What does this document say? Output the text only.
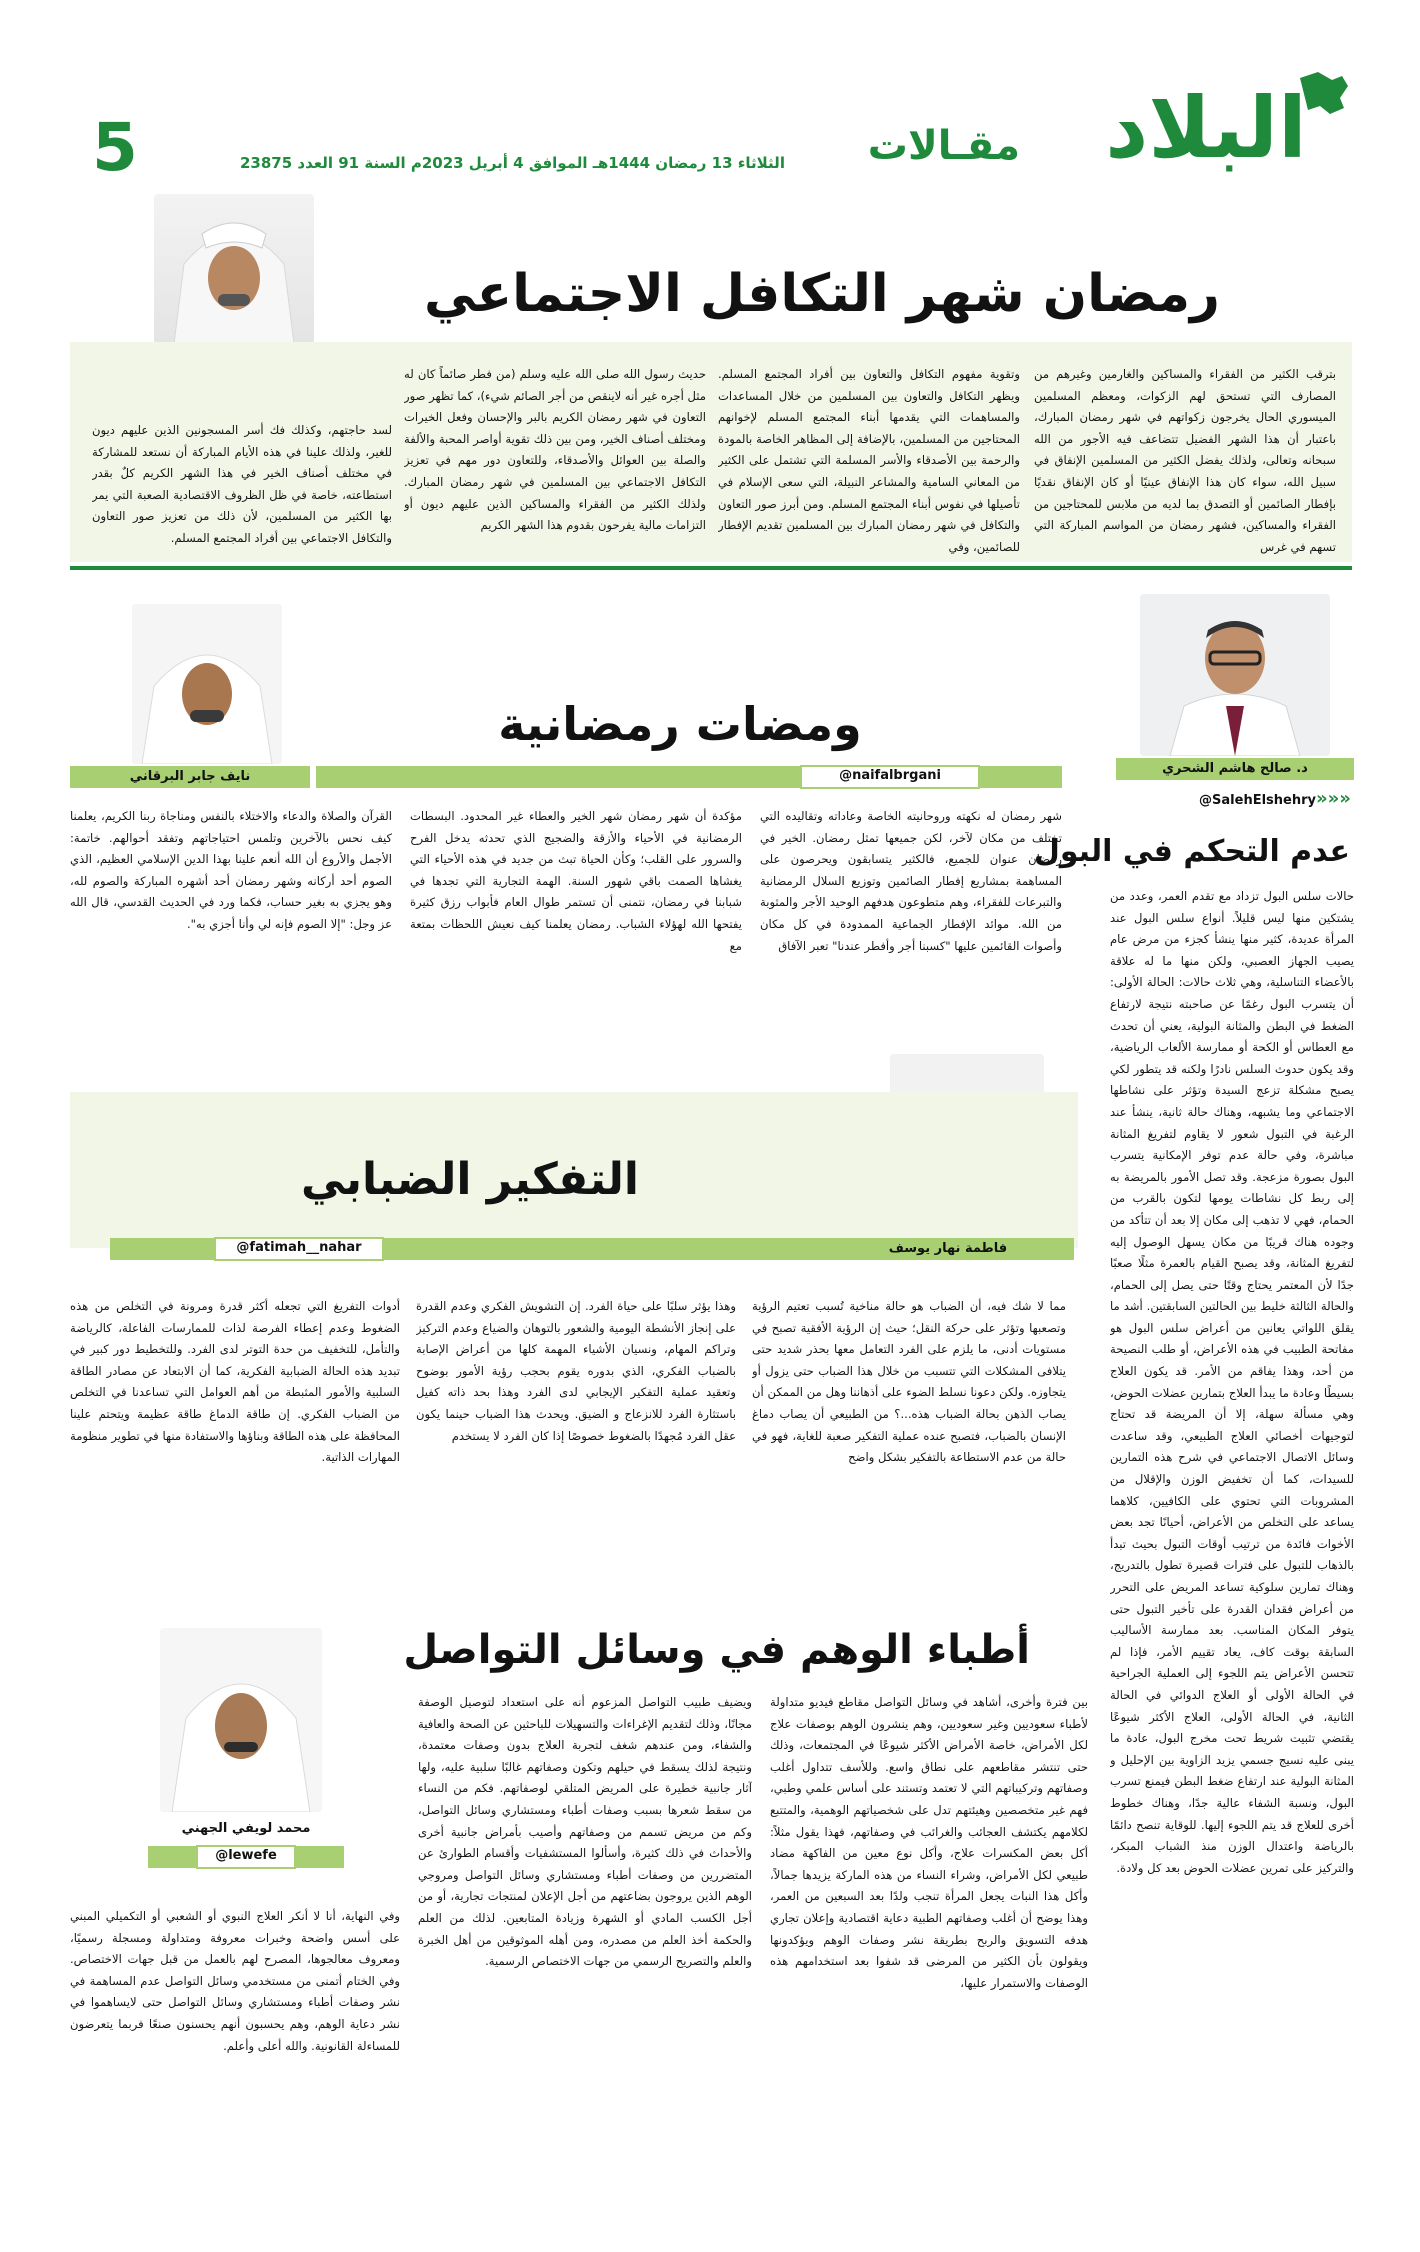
البلاد
مقـالات
الثلاثاء 13 رمضان 1444هـ الموافق 4 أبريل 2023م السنة 91 العدد 23875
5
رمضان شهر التكافل الاجتماعي

بترقب الكثير من الفقراء والمساكين والغارمين وغيرهم من المصارف التي تستحق لهم الزكوات، ومعظم المسلمين الميسوري الحال يخرجون زكواتهم في شهر رمضان المبارك، باعتبار أن هذا الشهر الفضيل تتضاعف فيه الأجور من الله سبحانه وتعالى، ولذلك يفضل الكثير من المسلمين الإنفاق في سبيل الله، سواء كان هذا الإنفاق عينيًا أو كان الإنفاق نقديًا بإفطار الصائمين أو التصدق بما لديه من ملابس للمحتاجين من الفقراء والمساكين، فشهر رمضان من المواسم المباركة التي تسهم في غرس

وتقوية مفهوم التكافل والتعاون بين أفراد المجتمع المسلم. ويظهر التكافل والتعاون بين المسلمين من خلال المساعدات والمساهمات التي يقدمها أبناء المجتمع المسلم لإخوانهم المحتاجين من المسلمين، بالإضافة إلى المظاهر الخاصة بالمودة والرحمة بين الأصدقاء والأسر المسلمة التي تشتمل على الكثير من المعاني السامية والمشاعر النبيلة، التي سعى الإسلام في تأصيلها في نفوس أبناء المجتمع المسلم. ومن أبرز صور التعاون والتكافل في شهر رمضان المبارك بين المسلمين تقديم الإفطار للصائمين، وفي

حديث رسول الله صلى الله عليه وسلم (من فطر صائماً كان له مثل أجره غير أنه لاينقص من أجر الصائم شيء)، كما تظهر صور التعاون في شهر رمضان الكريم بالبر والإحسان وفعل الخيرات ومختلف أصناف الخير، ومن بين ذلك تقوية أواصر المحبة والألفة والصلة بين العوائل والأصدقاء، وللتعاون دور مهم في تعزيز التكافل الاجتماعي بين المسلمين في شهر رمضان المبارك. ولذلك الكثير من الفقراء والمساكين الذين عليهم ديون أو التزامات مالية يفرحون بقدوم هذا الشهر الكريم

لسد حاجتهم، وكذلك فك أسر المسجونين الذين عليهم ديون للغير، ولذلك علينا في هذه الأيام المباركة أن نستعد للمشاركة في مختلف أصناف الخير في هذا الشهر الكريم كلٌ بقدر استطاعته، خاصة في ظل الظروف الاقتصادية الصعبة التي يمر بها الكثير من المسلمين، لأن ذلك من تعزيز صور التعاون والتكافل الاجتماعي بين أفراد المجتمع المسلم.

د. صالح هاشم الشحري
@SalehElshehry «««
عدم التحكم في البول

حالات سلس البول تزداد مع تقدم العمر، وعدد من يشتكين منها ليس قليلاً. أنواع سلس البول عند المرأة عديدة، كثير منها ينشأ كجزء من مرض عام يصيب الجهاز العصبي، ولكن منها ما له علاقة بالأعضاء التناسلية، وهي ثلاث حالات: الحالة الأولى: أن يتسرب البول رغمًا عن صاحبته نتيجة لارتفاع الضغط في البطن والمثانة البولية، يعني أن تحدث مع العطاس أو الكحة أو ممارسة الألعاب الرياضية، وقد يكون حدوث السلس نادرًا ولكنه قد يتطور لكي يصبح مشكلة تزعج السيدة وتؤثر على نشاطها الاجتماعي وما يشبهه، وهناك حالة ثانية، ينشأ عند الرغبة في التبول شعور لا يقاوم لتفريغ المثانة مباشرة، وفي حالة عدم توفر الإمكانية يتسرب البول بصورة مزعجة. وقد تصل الأمور بالمريضة به إلى ربط كل نشاطات يومها لتكون بالقرب من الحمام، فهي لا تذهب إلى مكان إلا بعد أن تتأكد من وجوده هناك قريبًا من مكان يسهل الوصول إليه لتفريغ المثانة، وقد يصبح القيام بالعمرة مثلًا صعبًا جدًا لأن المعتمر يحتاج وقتًا حتى يصل إلى الحمام، والحالة الثالثة خليط بين الحالتين السابقتين. أشد ما يقلق اللواتي يعانين من أعراض سلس البول هو مفاتحة الطبيب في هذه الأعراض، أو طلب النصيحة من أحد، وهذا يفاقم من الأمر. قد يكون العلاج بسيطًا وعادة ما يبدأ العلاج بتمارين عضلات الحوض، وهي مسألة سهلة، إلا أن المريضة قد تحتاج لتوجيهات أخصائي العلاج الطبيعي، وقد ساعدت وسائل الاتصال الاجتماعي في شرح هذه التمارين للسيدات، كما أن تخفيض الوزن والإقلال من المشروبات التي تحتوي على الكافيين، كلاهما يساعد على التخلص من الأعراض، أحيانًا تجد بعض الأخوات فائدة من ترتيب أوقات التبول بحيث تبدأ بالذهاب للتبول على فترات قصيرة تطول بالتدريج، وهناك تمارين سلوكية تساعد المريض على التحرر من أعراض فقدان القدرة على تأخير التبول حتى يتوفر المكان المناسب. بعد ممارسة الأساليب السابقة بوقت كاف، يعاد تقييم الأمر، فإذا لم تتحسن الأعراض يتم اللجوء إلى العملية الجراحية في الحالة الأولى أو العلاج الدوائي في الحالة الثانية، في الحالة الأولى، العلاج الأكثر شيوعًا يقتضي تثبيت شريط تحت مخرج البول، عادة ما يبنى عليه نسيج جسمي يزيد الزاوية بين الإحليل و المثانة البولية عند ارتفاع ضغط البطن فيمنع تسرب البول، ونسبة الشفاء عالية جدًا، وهناك خطوط أخرى للعلاج قد يتم اللجوء إليها. للوقاية تنصح دائمًا بالرياضة واعتدال الوزن منذ الشباب المبكر، والتركيز على تمرين عضلات الحوض بعد كل ولادة.

نايف جابر البرقاني
ومضات رمضانية
@naifalbrgani

شهر رمضان له نكهته وروحانيته الخاصة وعاداته وتقاليده التي تختلف من مكان لآخر، لكن جميعها تمثل رمضان. الخير في رمضان عنوان للجميع، فالكثير يتسابقون ويحرصون على المساهمة بمشاريع إفطار الصائمين وتوزيع السلال الرمضانية والتبرعات للفقراء، وهم متطوعون هدفهم الوحيد الأجر والمثوبة من الله. موائد الإفطار الجماعية الممدودة في كل مكان وأصوات القائمين عليها "كسبنا أجر وأفطر عندنا" تعبر الآفاق

مؤكدة أن شهر رمضان شهر الخير والعطاء غير المحدود. البسطات الرمضانية في الأحياء والأزقة والضجيج الذي تحدثه يدخل الفرح والسرور على القلب؛ وكأن الحياة تبث من جديد في هذه الأحياء التي يغشاها الصمت باقي شهور السنة. الهمة التجارية التي تجدها في شبابنا في رمضان، نتمنى أن تستمر طوال العام فأبواب رزق كثيرة يفتحها الله لهؤلاء الشباب. رمضان يعلمنا كيف نعيش اللحظات بمتعة مع

القرآن والصلاة والدعاء والاختلاء بالنفس ومناجاة ربنا الكريم، يعلمنا كيف نحس بالآخرين وتلمس احتياجاتهم وتفقد أحوالهم. خاتمة: الأجمل والأروع أن الله أنعم علينا بهذا الدين الإسلامي العظيم، الذي الصوم أحد أركانه وشهر رمضان أحد أشهره المباركة والصوم لله، وهو يجزي به بغير حساب، فكما ورد في الحديث القدسي، قال الله عز وجل: "إلا الصوم فإنه لي وأنا أجزي به".

التفكير الضبابي
فاطمة نهار يوسف
@fatimah__nahar

مما لا شك فيه، أن الضباب هو حالة مناخية تُسبب تعتيم الرؤية وتصعبها وتؤثر على حركة النقل؛ حيث إن الرؤية الأفقية تصبح في مستويات أدنى، ما يلزم على الفرد التعامل معها بحذر شديد حتى يتلافى المشكلات التي تتسبب من خلال هذا الضباب حتى يزول أو يتجاوزه. ولكن دعونا نسلط الضوء على أذهاننا وهل من الممكن أن يصاب الذهن بحالة الضباب هذه...؟ من الطبيعي أن يصاب دماغ الإنسان بالضباب، فتصبح عنده عملية التفكير صعبة للغاية، فهو في حالة من عدم الاستطاعة بالتفكير بشكل واضح

وهذا يؤثر سلبًا على حياة الفرد. إن التشويش الفكري وعدم القدرة على إنجاز الأنشطة اليومية والشعور بالتوهان والضياع وعدم التركيز وتراكم المهام، ونسيان الأشياء المهمة كلها من أعراض الإصابة بالضباب الفكري، الذي بدوره يقوم بحجب رؤية الأمور بوضوح وتعقيد عملية التفكير الإيجابي لدى الفرد وهذا بحد ذاته كفيل باستثارة الفرد للانزعاج و الضيق. ويحدث هذا الضباب حينما يكون عقل الفرد مُجهدًا بالضغوط خصوصًا إذا كان الفرد لا يستخدم

أدوات التفريغ التي تجعله أكثر قدرة ومرونة في التخلص من هذه الضغوط وعدم إعطاء الفرصة لذات للممارسات الفاعلة، كالرياضة والتأمل، للتخفيف من حدة التوتر لدى الفرد. وللتخطيط دور كبير في تبديد هذه الحالة الضبابية الفكرية، كما أن الابتعاد عن مصادر الطاقة السلبية والأمور المثبطة من أهم العوامل التي تساعدنا في التخلص من الضباب الفكري. إن طاقة الدماغ طاقة عظيمة ويتحتم علينا المحافظة على هذه الطاقة وبناؤها والاستفادة منها في تطوير منظومة المهارات الذاتية.

أطباء الوهم في وسائل التواصل
محمد لويفي الجهني
@lewefe

بين فترة وأخرى، أشاهد في وسائل التواصل مقاطع فيديو متداولة لأطباء سعوديين وغير سعوديين، وهم ينشرون الوهم بوصفات علاج لكل الأمراض، خاصة الأمراض الأكثر شيوعًا في المجتمعات، وذلك حتى تنتشر مقاطعهم على نطاق واسع. وللأسف تتداول أغلب وصفاتهم وتركيباتهم التي لا تعتمد وتستند على أساس علمي وطبي، فهم غير متخصصين وهيئتهم تدل على شخصياتهم الوهمية، والمتتبع لكلامهم يكتشف العجائب والغرائب في وصفاتهم، فهذا يقول مثلاً: أكل بعض المكسرات علاج، وأكل نوع معين من الفاكهة مضاد طبيعي لكل الأمراض، وشراء النساء من هذه الماركة يزيدها جمالاً، وأكل هذا النبات يجعل المرأة تنجب ولدًا بعد السبعين من العمر، وهذا يوضح أن أغلب وصفاتهم الطبية دعاية اقتصادية وإعلان تجاري هدفه التسويق والربح بطريقة نشر وصفات الوهم ويؤكدونها ويقولون بأن الكثير من المرضى قد شفوا بعد استخدامهم هذه الوصفات والاستمرار عليها،

ويضيف طبيب التواصل المزعوم أنه على استعداد لتوصيل الوصفة مجانًا، وذلك لتقديم الإغراءات والتسهيلات للباحثين عن الصحة والعافية والشفاء، ومن عندهم شغف لتجربة العلاج بدون وصفات معتمدة، ونتيجة لذلك يسقط في حيلهم وتكون وصفاتهم غالبًا سلبية عليه، ولها آثار جانبية خطيرة على المريض المتلقي لوصفاتهم. فكم من النساء من سقط شعرها بسبب وصفات أطباء ومستشاري وسائل التواصل، وكم من مريض تسمم من وصفاتهم وأصيب بأمراض جانبية أخرى والأحداث في ذلك كثيرة، وأسألوا المستشفيات وأقسام الطوارئ عن المتضررين من وصفات أطباء ومستشاري وسائل التواصل ومروجي الوهم الذين يروجون بضاعتهم من أجل الإعلان لمنتجات تجارية، أو من أجل الكسب المادي أو الشهرة وزيادة المتابعين. لذلك من العلم والحكمة أخذ العلم من مصدره، ومن أهله الموثوقين من أهل الخبرة والعلم والتصريح الرسمي من جهات الاختصاص الرسمية.

وفي النهاية، أنا لا أنكر العلاج النبوي أو الشعبي أو التكميلي المبني على أسس واضحة وخبرات معروفة ومتداولة ومسجلة رسميًا، ومعروف معالجوها، المصرح لهم بالعمل من قبل جهات الاختصاص. وفي الختام أتمنى من مستخدمي وسائل التواصل عدم المساهمة في نشر وصفات أطباء ومستشاري وسائل التواصل حتى لايساهموا في نشر دعاية الوهم، وهم يحسبون أنهم يحسنون صنعًا فربما يتعرضون للمساءلة القانونية. والله أعلى وأعلم.
